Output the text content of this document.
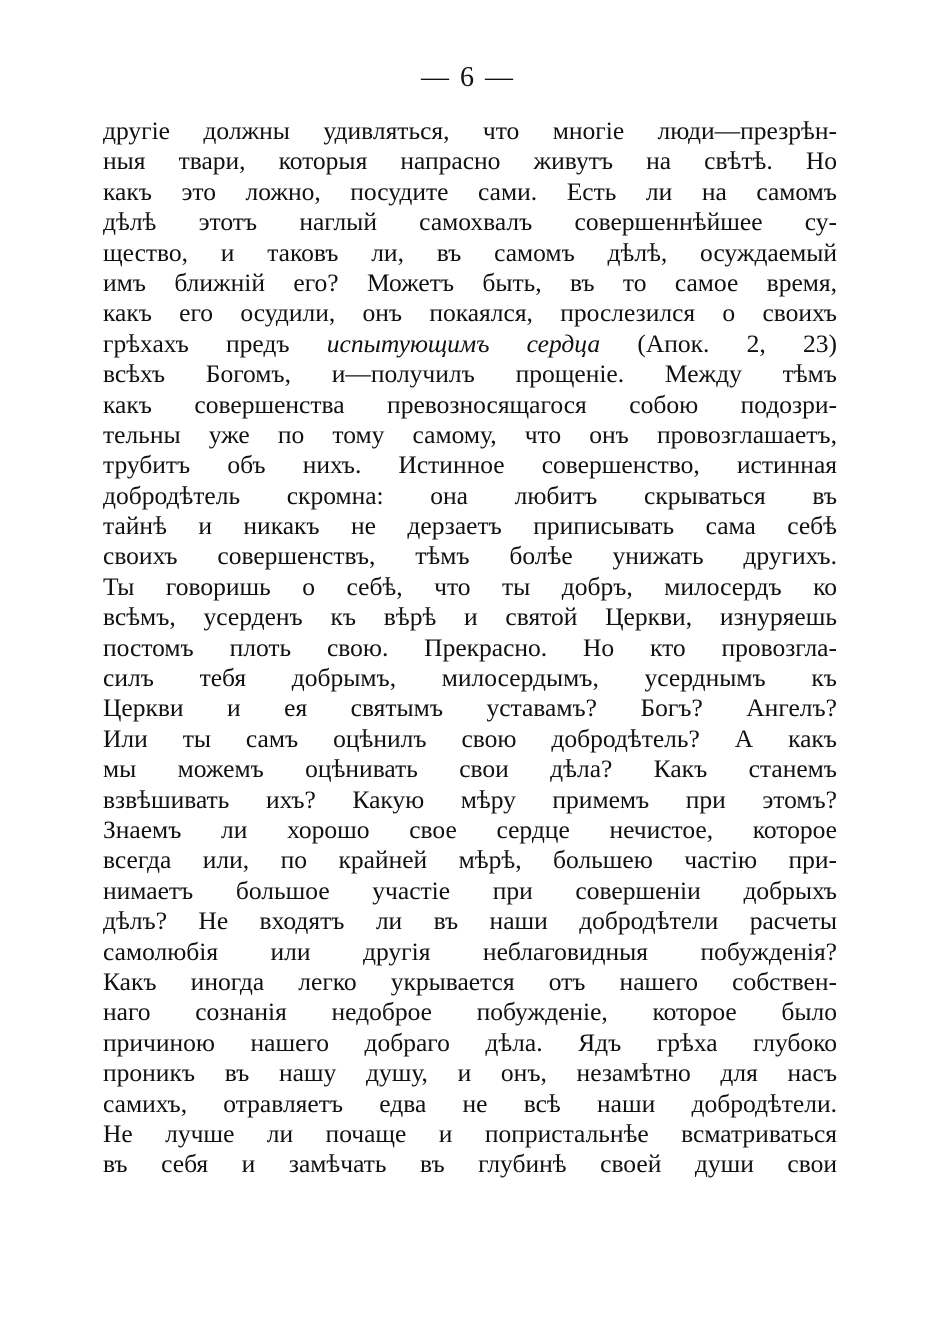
— 6 —
другіе должны удивляться, что многіе люди—презрѣн-
ныя твари, которыя напрасно живутъ на свѣтѣ. Но
какъ это ложно, посудите сами. Есть ли на самомъ
дѣлѣ этотъ наглый самохвалъ совершеннѣйшее су-
щество, и таковъ ли, въ самомъ дѣлѣ, осуждаемый
имъ ближній его? Можетъ быть, въ то самое время,
какъ его осудили, онъ покаялся, прослезился о своихъ
грѣхахъ предъ испытующимъ сердца (Апок. 2, 23)
всѣхъ Богомъ, и—получилъ прощеніе. Между тѣмъ
какъ совершенства превозносящагося собою подозри-
тельны уже по тому самому, что онъ провозглашаетъ,
трубитъ объ нихъ. Истинное совершенство, истинная
добродѣтель скромна: она любитъ скрываться въ
тайнѣ и никакъ не дерзаетъ приписывать сама себѣ
своихъ совершенствъ, тѣмъ болѣе унижать другихъ.
Ты говоришь о себѣ, что ты добръ, милосердъ ко
всѣмъ, усерденъ къ вѣрѣ и святой Церкви, изнуряешь
постомъ плоть свою. Прекрасно. Но кто провозгла-
силъ тебя добрымъ, милосердымъ, усерднымъ къ
Церкви и ея святымъ уставамъ? Богъ? Ангелъ?
Или ты самъ оцѣнилъ свою добродѣтель? А какъ
мы можемъ оцѣнивать свои дѣла? Какъ станемъ
взвѣшивать ихъ? Какую мѣру примемъ при этомъ?
Знаемъ ли хорошо свое сердце нечистое, которое
всегда или, по крайней мѣрѣ, большею частію при-
нимаетъ большое участіе при совершеніи добрыхъ
дѣлъ? Не входятъ ли въ наши добродѣтели расчеты
самолюбія или другія неблаговидныя побужденія?
Какъ иногда легко укрывается отъ нашего собствен-
наго сознанія недоброе побужденіе, которое было
причиною нашего добраго дѣла. Ядъ грѣха глубоко
проникъ въ нашу душу, и онъ, незамѣтно для насъ
самихъ, отравляетъ едва не всѣ наши добродѣтели.
Не лучше ли почаще и попристальнѣе всматриваться
въ себя и замѣчать въ глубинѣ своей души свои
